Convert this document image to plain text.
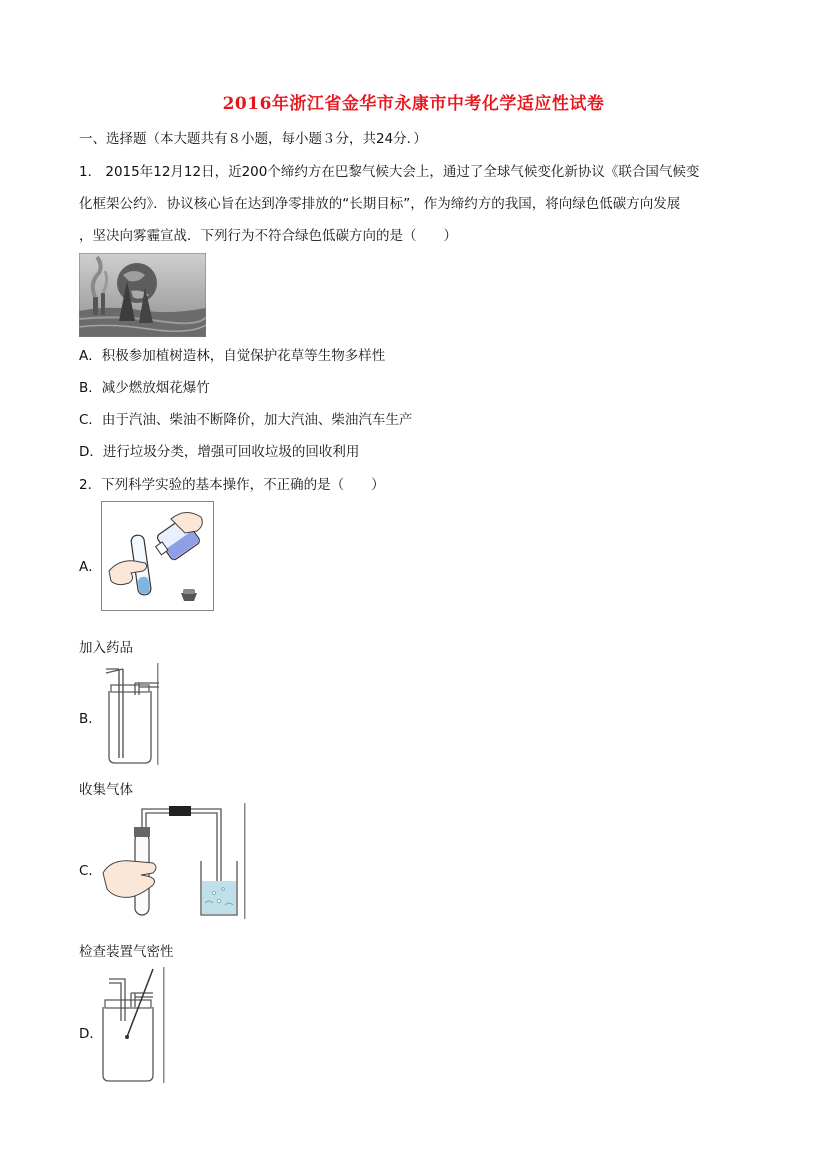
2016年浙江省金华市永康市中考化学适应性试卷
一、选择题（本大题共有８小题，每小题３分，共24分．）
1． 2015年12月12日，近200个缔约方在巴黎气候大会上，通过了全球气候变化新协议《联合国气候变
化框架公约》．协议核心旨在达到净零排放的“长期目标”，作为缔约方的我国，将向绿色低碳方向发展
，坚决向雾霾宣战．下列行为不符合绿色低碳方向的是（　　）
A．积极参加植树造林，自觉保护花草等生物多样性
B．减少燃放烟花爆竹
C．由于汽油、柴油不断降价，加大汽油、柴油汽车生产
D．进行垃圾分类，增强可回收垃圾的回收利用
2．下列科学实验的基本操作，不正确的是（　　）
A．
加入药品
B．
收集气体
C．
检查装置气密性
D．
